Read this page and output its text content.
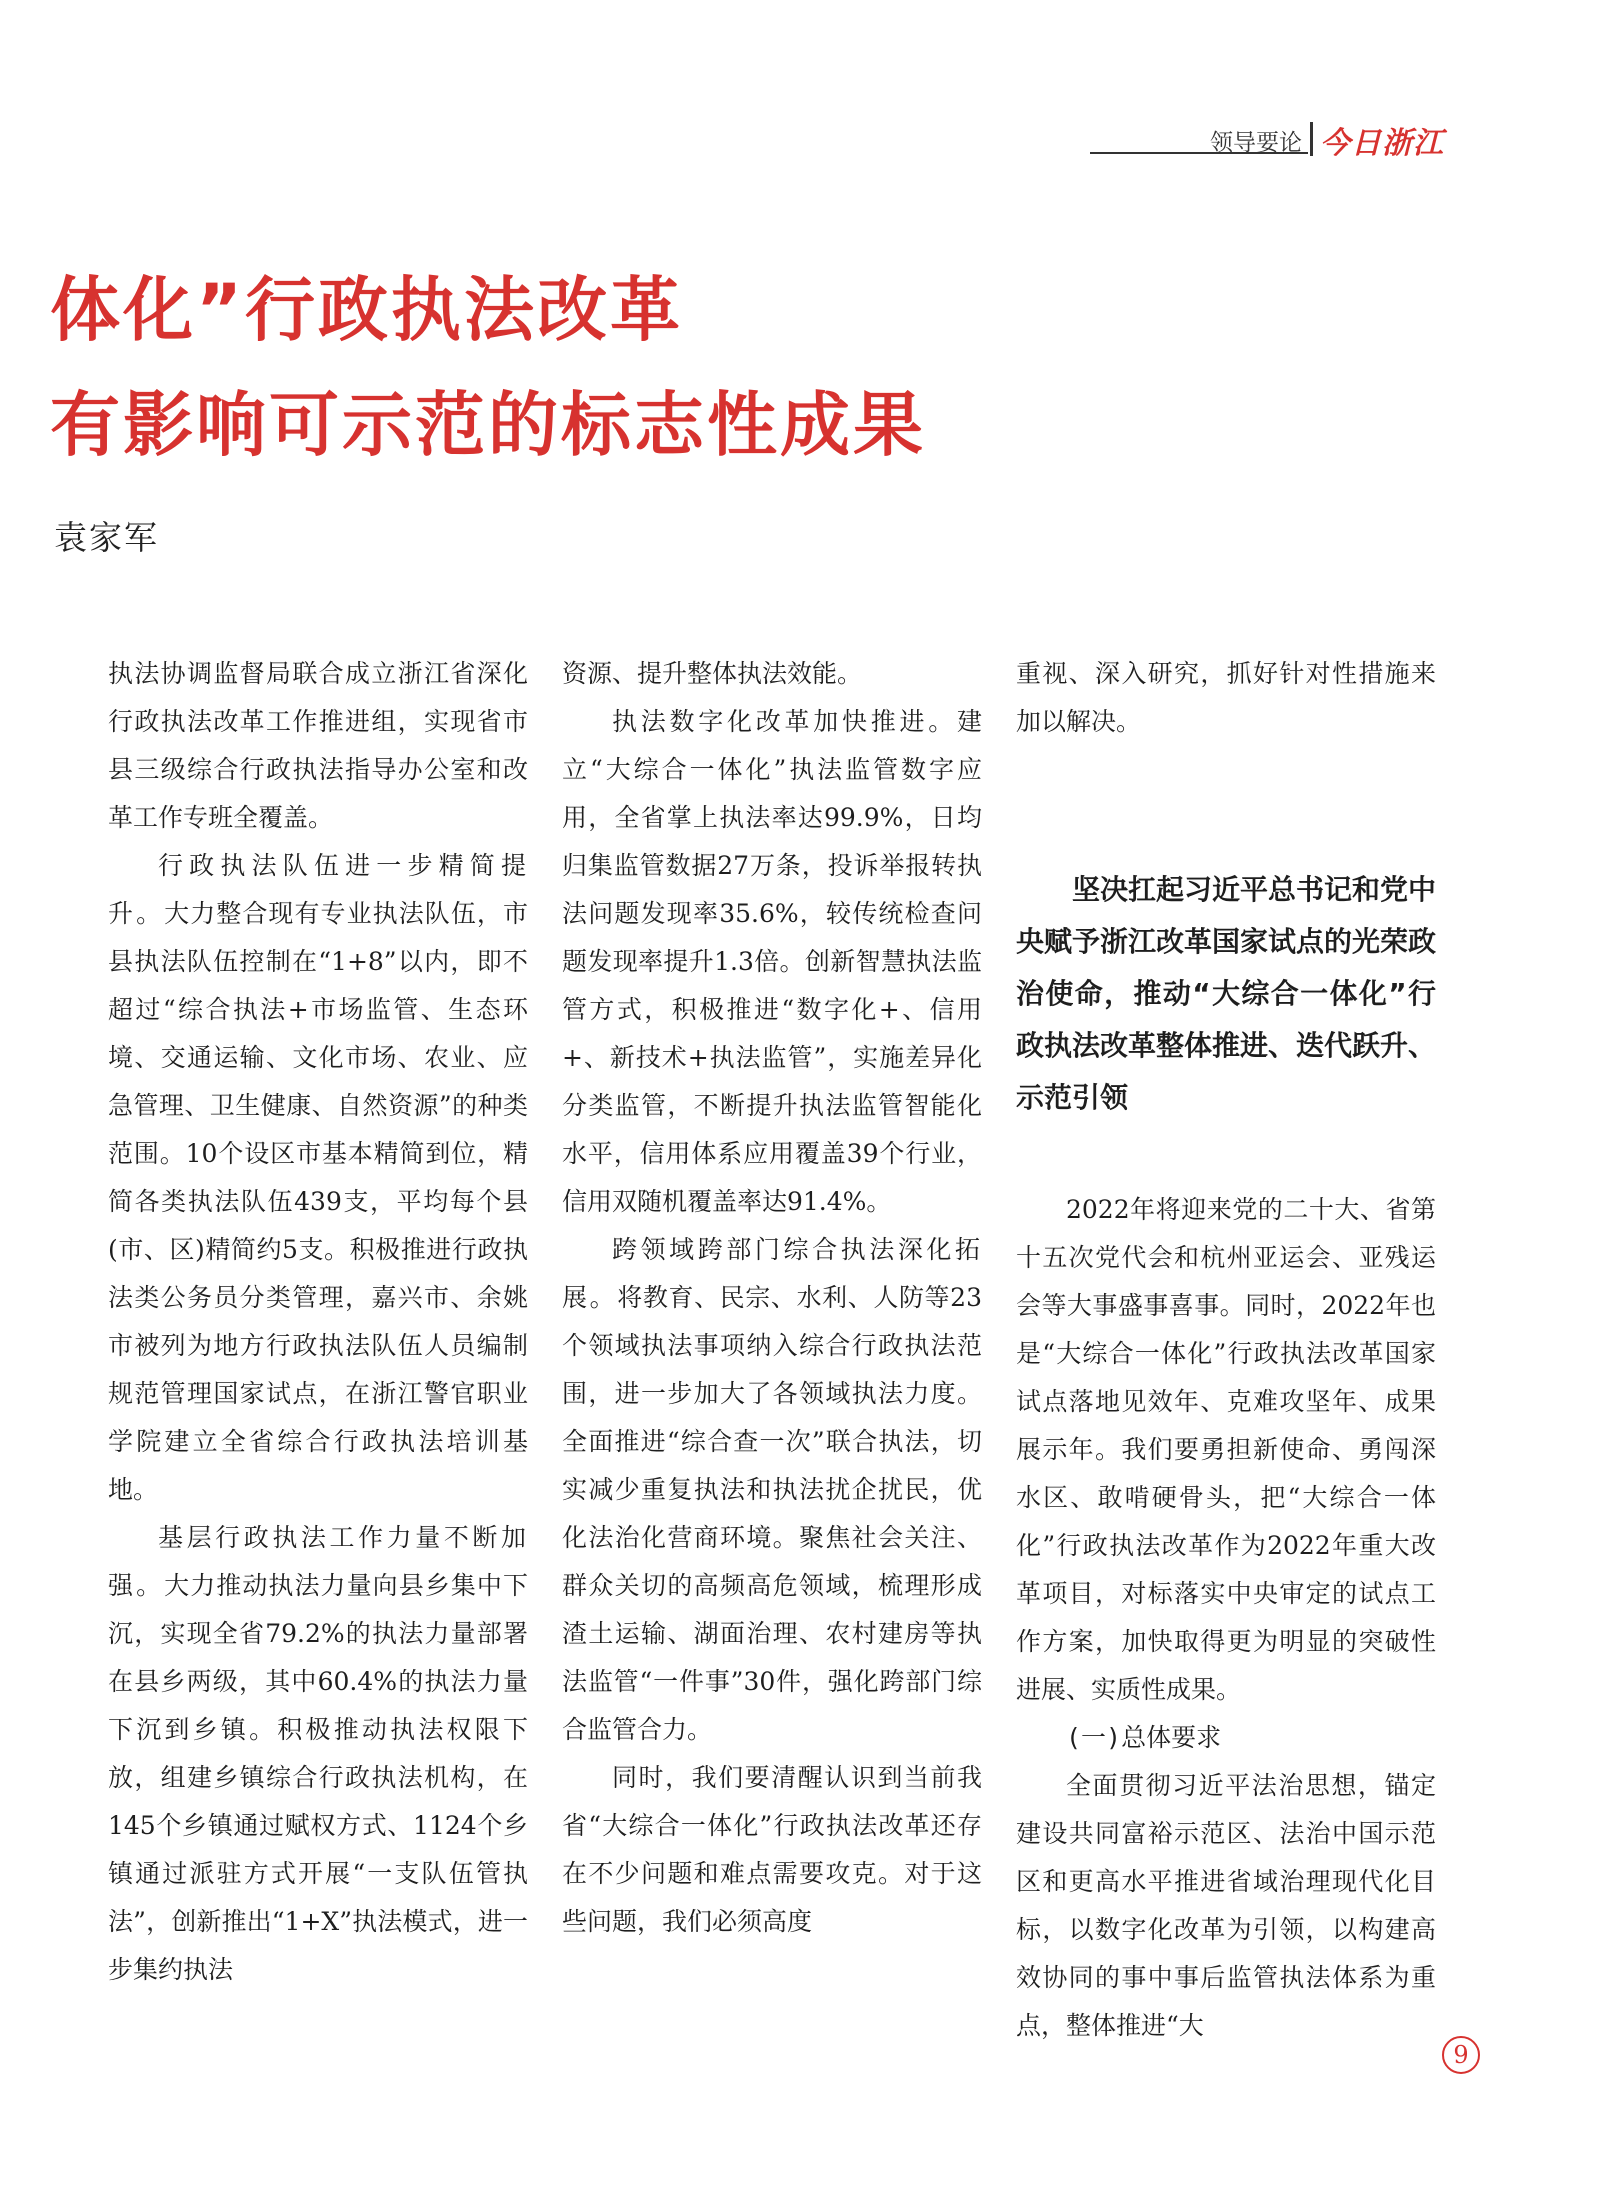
领导要论 今日浙江
体化”行政执法改革
有影响可示范的标志性成果
袁家军

执法协调监督局联合成立浙江省深化行政执法改革工作推进组，实现省市县三级综合行政执法指导办公室和改革工作专班全覆盖。

行政执法队伍进一步精简提升。大力整合现有专业执法队伍，市县执法队伍控制在“1+8”以内，即不超过“综合执法+市场监管、生态环境、交通运输、文化市场、农业、应急管理、卫生健康、自然资源”的种类范围。10个设区市基本精简到位，精简各类执法队伍439支，平均每个县(市、区)精简约5支。积极推进行政执法类公务员分类管理，嘉兴市、余姚市被列为地方行政执法队伍人员编制规范管理国家试点，在浙江警官职业学院建立全省综合行政执法培训基地。

基层行政执法工作力量不断加强。大力推动执法力量向县乡集中下沉，实现全省79.2%的执法力量部署在县乡两级，其中60.4%的执法力量下沉到乡镇。积极推动执法权限下放，组建乡镇综合行政执法机构，在145个乡镇通过赋权方式、1124个乡镇通过派驻方式开展“一支队伍管执法”，创新推出“1+X”执法模式，进一步集约执法

资源、提升整体执法效能。

执法数字化改革加快推进。建立“大综合一体化”执法监管数字应用，全省掌上执法率达99.9%，日均归集监管数据27万条，投诉举报转执法问题发现率35.6%，较传统检查问题发现率提升1.3倍。创新智慧执法监管方式，积极推进“数字化+、信用+、新技术+执法监管”，实施差异化分类监管，不断提升执法监管智能化水平，信用体系应用覆盖39个行业，信用双随机覆盖率达91.4%。

跨领域跨部门综合执法深化拓展。将教育、民宗、水利、人防等23个领域执法事项纳入综合行政执法范围，进一步加大了各领域执法力度。全面推进“综合查一次”联合执法，切实减少重复执法和执法扰企扰民，优化法治化营商环境。聚焦社会关注、群众关切的高频高危领域，梳理形成渣土运输、湖面治理、农村建房等执法监管“一件事”30件，强化跨部门综合监管合力。

同时，我们要清醒认识到当前我省“大综合一体化”行政执法改革还存在不少问题和难点需要攻克。对于这些问题，我们必须高度

重视、深入研究，抓好针对性措施来加以解决。

坚决扛起习近平总书记和党中央赋予浙江改革国家试点的光荣政治使命，推动“大综合一体化”行政执法改革整体推进、迭代跃升、示范引领

2022年将迎来党的二十大、省第十五次党代会和杭州亚运会、亚残运会等大事盛事喜事。同时，2022年也是“大综合一体化”行政执法改革国家试点落地见效年、克难攻坚年、成果展示年。我们要勇担新使命、勇闯深水区、敢啃硬骨头，把“大综合一体化”行政执法改革作为2022年重大改革项目，对标落实中央审定的试点工作方案，加快取得更为明显的突破性进展、实质性成果。

(一)总体要求

全面贯彻习近平法治思想，锚定建设共同富裕示范区、法治中国示范区和更高水平推进省域治理现代化目标，以数字化改革为引领，以构建高效协同的事中事后监管执法体系为重点，整体推进“大

9
